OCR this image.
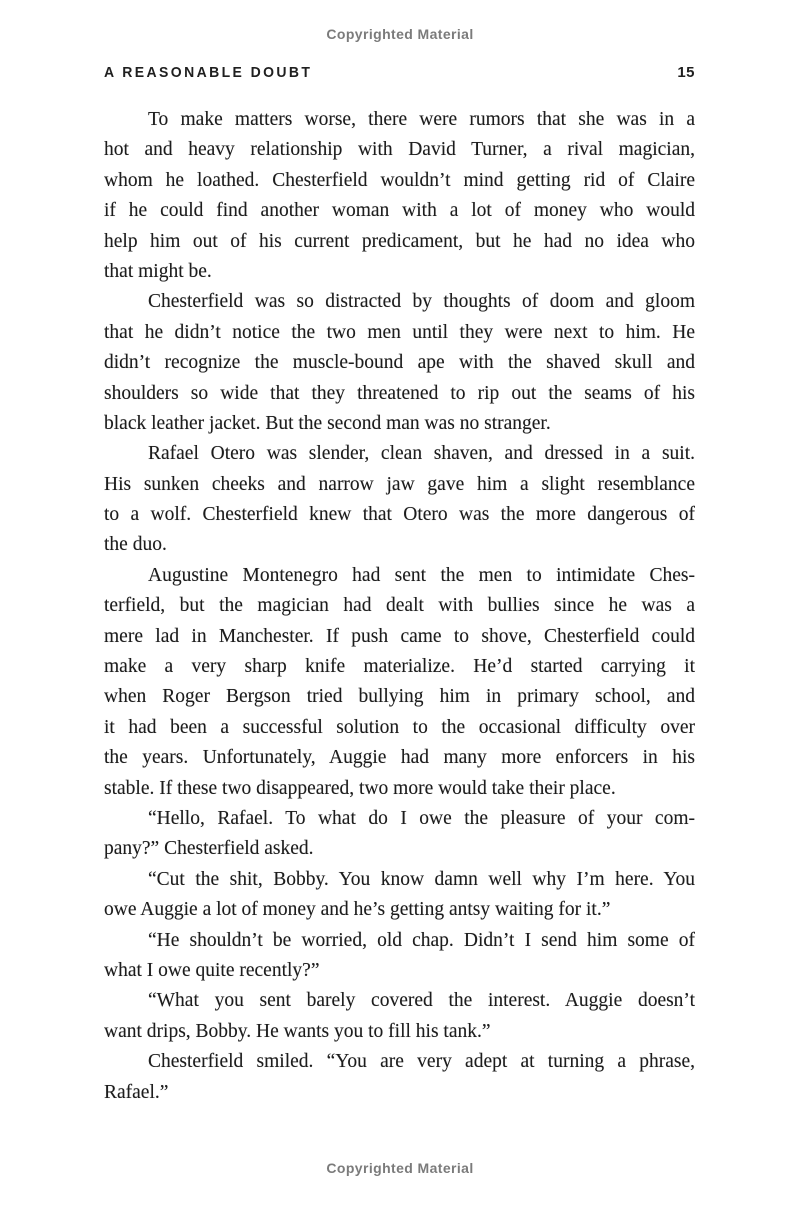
Copyrighted Material
A REASONABLE DOUBT	15
To make matters worse, there were rumors that she was in a
hot and heavy relationship with David Turner, a rival magician,
whom he loathed. Chesterfield wouldn’t mind getting rid of Claire
if he could find another woman with a lot of money who would
help him out of his current predicament, but he had no idea who
that might be.
Chesterfield was so distracted by thoughts of doom and gloom
that he didn’t notice the two men until they were next to him. He
didn’t recognize the muscle-bound ape with the shaved skull and
shoulders so wide that they threatened to rip out the seams of his
black leather jacket. But the second man was no stranger.
Rafael Otero was slender, clean shaven, and dressed in a suit.
His sunken cheeks and narrow jaw gave him a slight resemblance
to a wolf. Chesterfield knew that Otero was the more dangerous of
the duo.
Augustine Montenegro had sent the men to intimidate Ches-
terfield, but the magician had dealt with bullies since he was a
mere lad in Manchester. If push came to shove, Chesterfield could
make a very sharp knife materialize. He’d started carrying it
when Roger Bergson tried bullying him in primary school, and
it had been a successful solution to the occasional difficulty over
the years. Unfortunately, Auggie had many more enforcers in his
stable. If these two disappeared, two more would take their place.
“Hello, Rafael. To what do I owe the pleasure of your com-
pany?” Chesterfield asked.
“Cut the shit, Bobby. You know damn well why I’m here. You
owe Auggie a lot of money and he’s getting antsy waiting for it.”
“He shouldn’t be worried, old chap. Didn’t I send him some of
what I owe quite recently?”
“What you sent barely covered the interest. Auggie doesn’t
want drips, Bobby. He wants you to fill his tank.”
Chesterfield smiled. “You are very adept at turning a phrase,
Rafael.”
Copyrighted Material
